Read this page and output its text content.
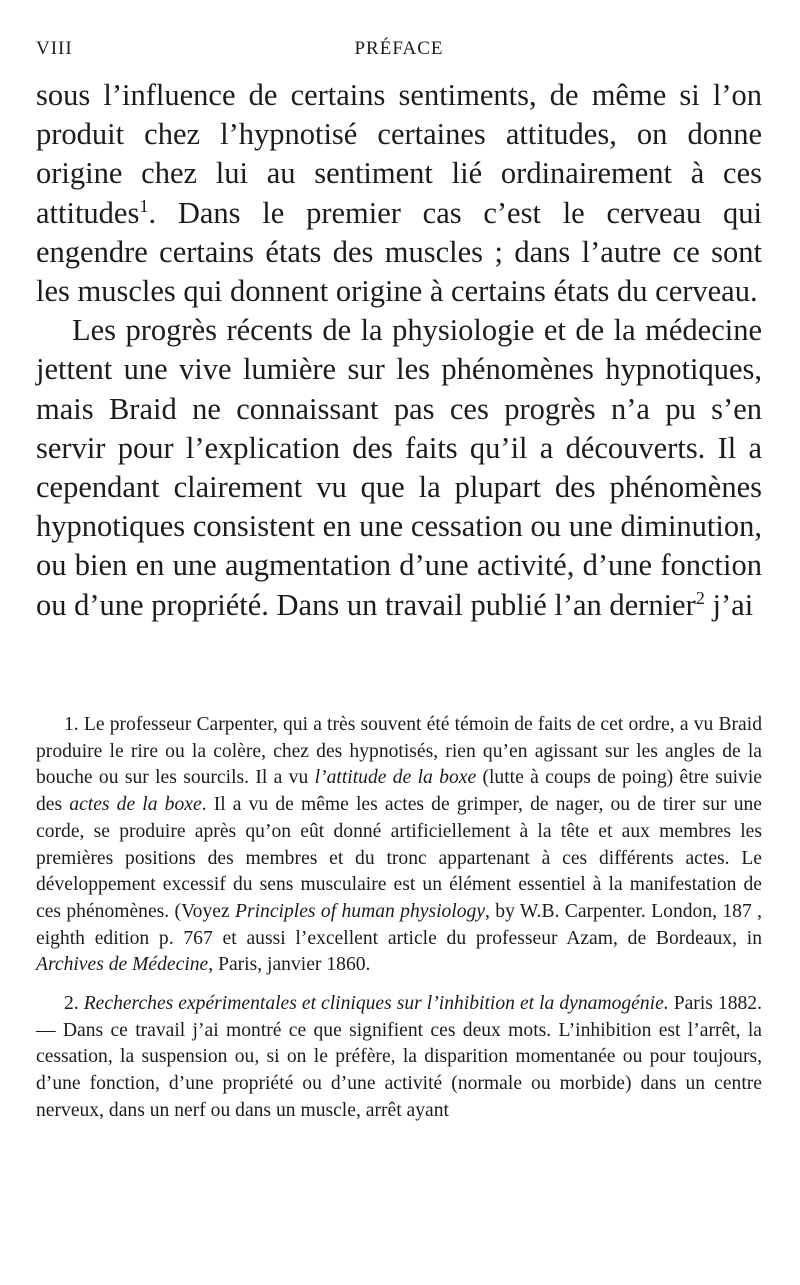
VIII	PRÉFACE

sous l’influence de certains sentiments, de même si l’on produit chez l’hypnotisé certaines attitudes, on donne origine chez lui au sentiment lié ordinairement à ces attitudes$^1$. Dans le premier cas c’est le cerveau qui engendre certains états des muscles ; dans l’autre ce sont les muscles qui donnent origine à certains états du cerveau.

Les progrès récents de la physiologie et de la médecine jettent une vive lumière sur les phénomènes hypnotiques, mais Braid ne connaissant pas ces progrès n’a pu s’en servir pour l’explication des faits qu’il a découverts. Il a cependant clairement vu que la plupart des phénomènes hypnotiques consistent en une cessation ou une diminution, ou bien en une augmentation d’une activité, d’une fonction ou d’une propriété. Dans un travail publié l’an dernier$^2$ j’ai

1. Le professeur Carpenter, qui a très souvent été témoin de faits de cet ordre, a vu Braid produire le rire ou la colère, chez des hypnotisés, rien qu’en agissant sur les angles de la bouche ou sur les sourcils. Il a vu l’attitude de la boxe (lutte à coups de poing) être suivie des actes de la boxe. Il a vu de même les actes de grimper, de nager, ou de tirer sur une corde, se produire après qu’on eût donné artificiellement à la tête et aux membres les premières positions des membres et du tronc appartenant à ces différents actes. Le développement excessif du sens musculaire est un élément essentiel à la manifestation de ces phénomènes. (Voyez Principles of human physiology, by W.B. Carpenter. London, 187 , eighth edition p. 767 et aussi l’excellent article du professeur Azam, de Bordeaux, in Archives de Médecine, Paris, janvier 1860.

2. Recherches expérimentales et cliniques sur l’inhibition et la dynamogénie. Paris 1882. — Dans ce travail j’ai montré ce que signifient ces deux mots. L’inhibition est l’arrêt, la cessation, la suspension ou, si on le préfère, la disparition momentanée ou pour toujours, d’une fonction, d’une propriété ou d’une activité (normale ou morbide) dans un centre nerveux, dans un nerf ou dans un muscle, arrêt ayant
